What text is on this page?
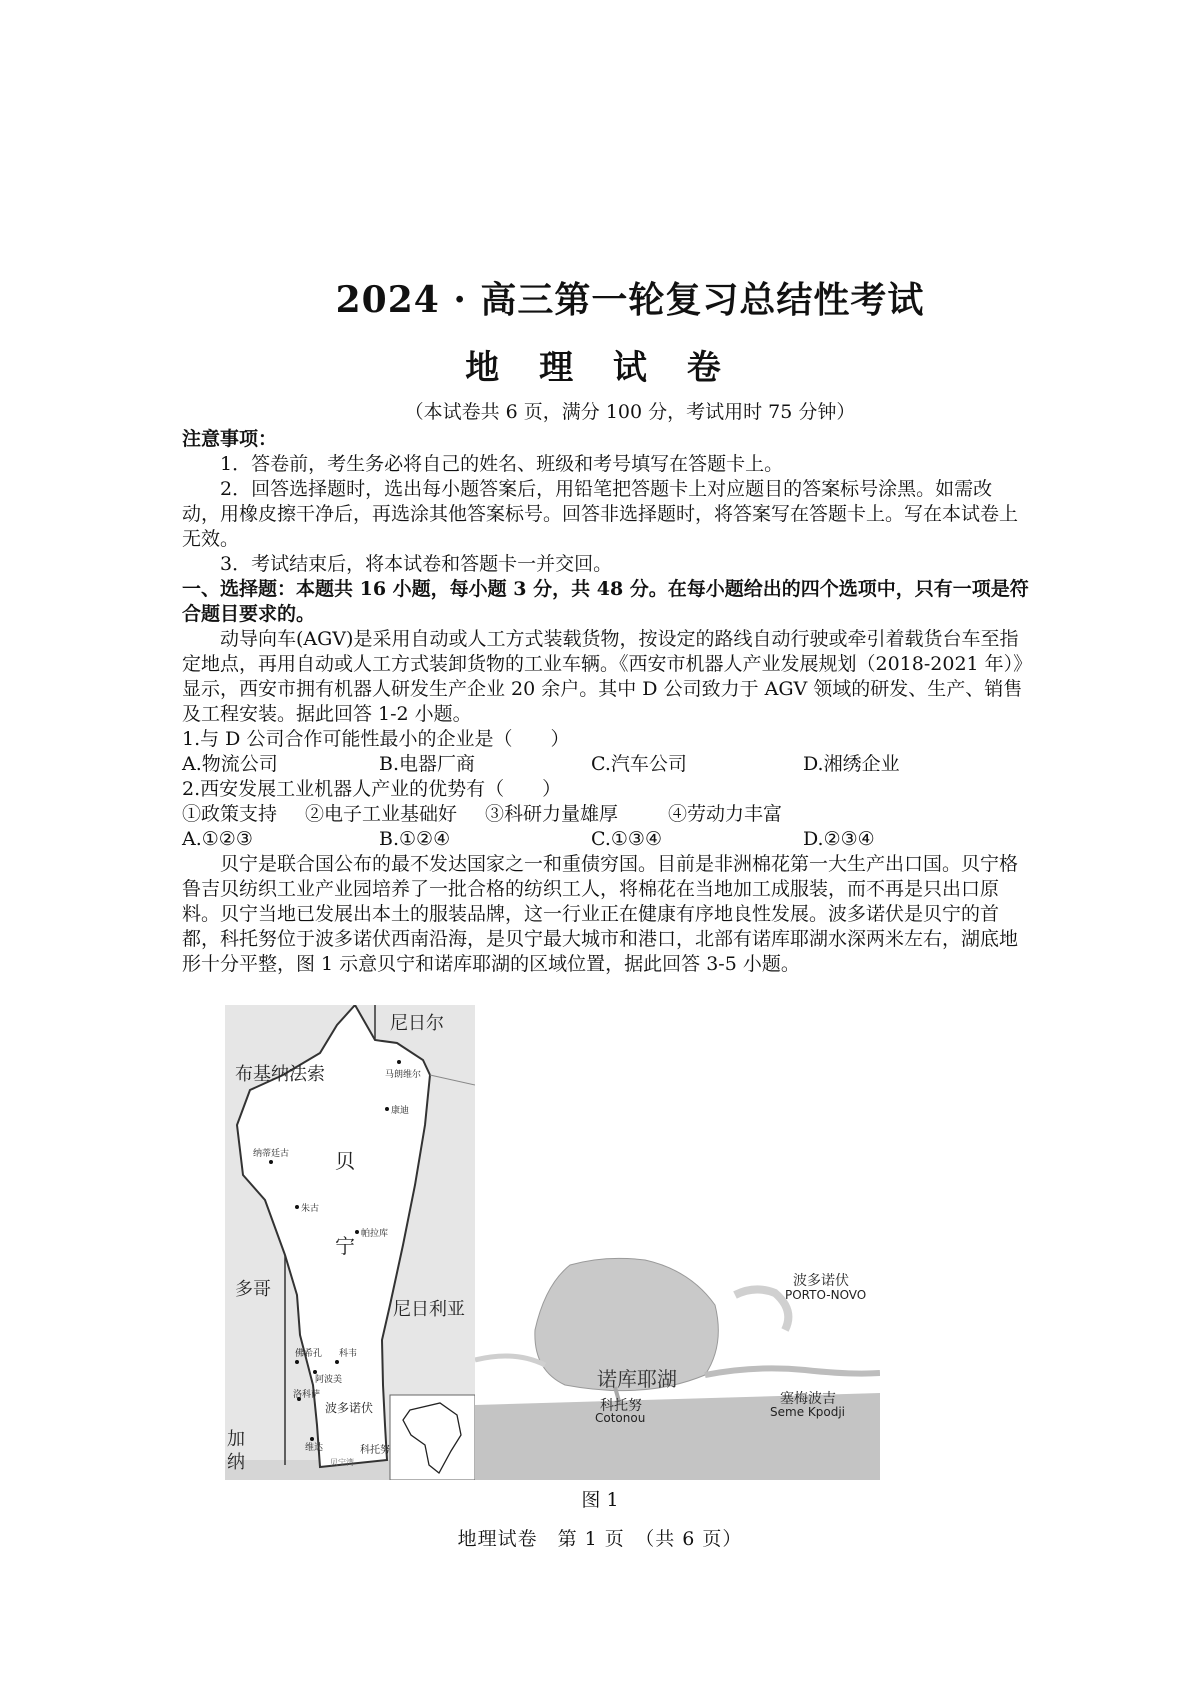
2024 · 高三第一轮复习总结性考试
地 理 试 卷
（本试卷共 6 页，满分 100 分，考试用时 75 分钟）

注意事项：

1．答卷前，考生务必将自己的姓名、班级和考号填写在答题卡上。

2．回答选择题时，选出每小题答案后，用铅笔把答题卡上对应题目的答案标号涂黑。如需改动，用橡皮擦干净后，再选涂其他答案标号。回答非选择题时，将答案写在答题卡上。写在本试卷上无效。

3．考试结束后，将本试卷和答题卡一并交回。

一、选择题：本题共 16 小题，每小题 3 分，共 48 分。在每小题给出的四个选项中，只有一项是符合题目要求的。

动导向车(AGV)是采用自动或人工方式装载货物，按设定的路线自动行驶或牵引着载货台车至指定地点，再用自动或人工方式装卸货物的工业车辆。《西安市机器人产业发展规划（2018-2021 年）》显示，西安市拥有机器人研发生产企业 20 余户。其中 D 公司致力于 AGV 领域的研发、生产、销售及工程安装。据此回答 1-2 小题。

1.与 D 公司合作可能性最小的企业是（　　）

A.物流公司	B.电器厂商	C.汽车公司	D.湘绣企业

2.西安发展工业机器人产业的优势有（　　）

①政策支持 ②电子工业基础好 ③科研力量雄厚	④劳动力丰富

A.①②③	B.①②④	C.①③④	D.②③④

贝宁是联合国公布的最不发达国家之一和重债穷国。目前是非洲棉花第一大生产出口国。贝宁格鲁吉贝纺织工业产业园培养了一批合格的纺织工人，将棉花在当地加工成服装，而不再是只出口原料。贝宁当地已发展出本土的服装品牌，这一行业正在健康有序地良性发展。波多诺伏是贝宁的首都，科托努位于波多诺伏西南沿海，是贝宁最大城市和港口，北部有诺库耶湖水深两米左右，湖底地形十分平整，图 1 示意贝宁和诺库耶湖的区域位置，据此回答 3-5 小题。

尼日尔
布基纳法索
多哥
尼日利亚
加
纳
贝
宁
马朗维尔
康迪
纳蒂廷古
朱古
帕拉库
佛希孔 科韦
阿波美
洛科萨
波多诺伏
维达	科托努
贝宁湾
诺库耶湖
波多诺伏
PORTO-NOVO
科托努
Cotonou
塞梅波吉
Seme Kpodji
图 1
地理试卷　第 1 页　（共 6 页）
